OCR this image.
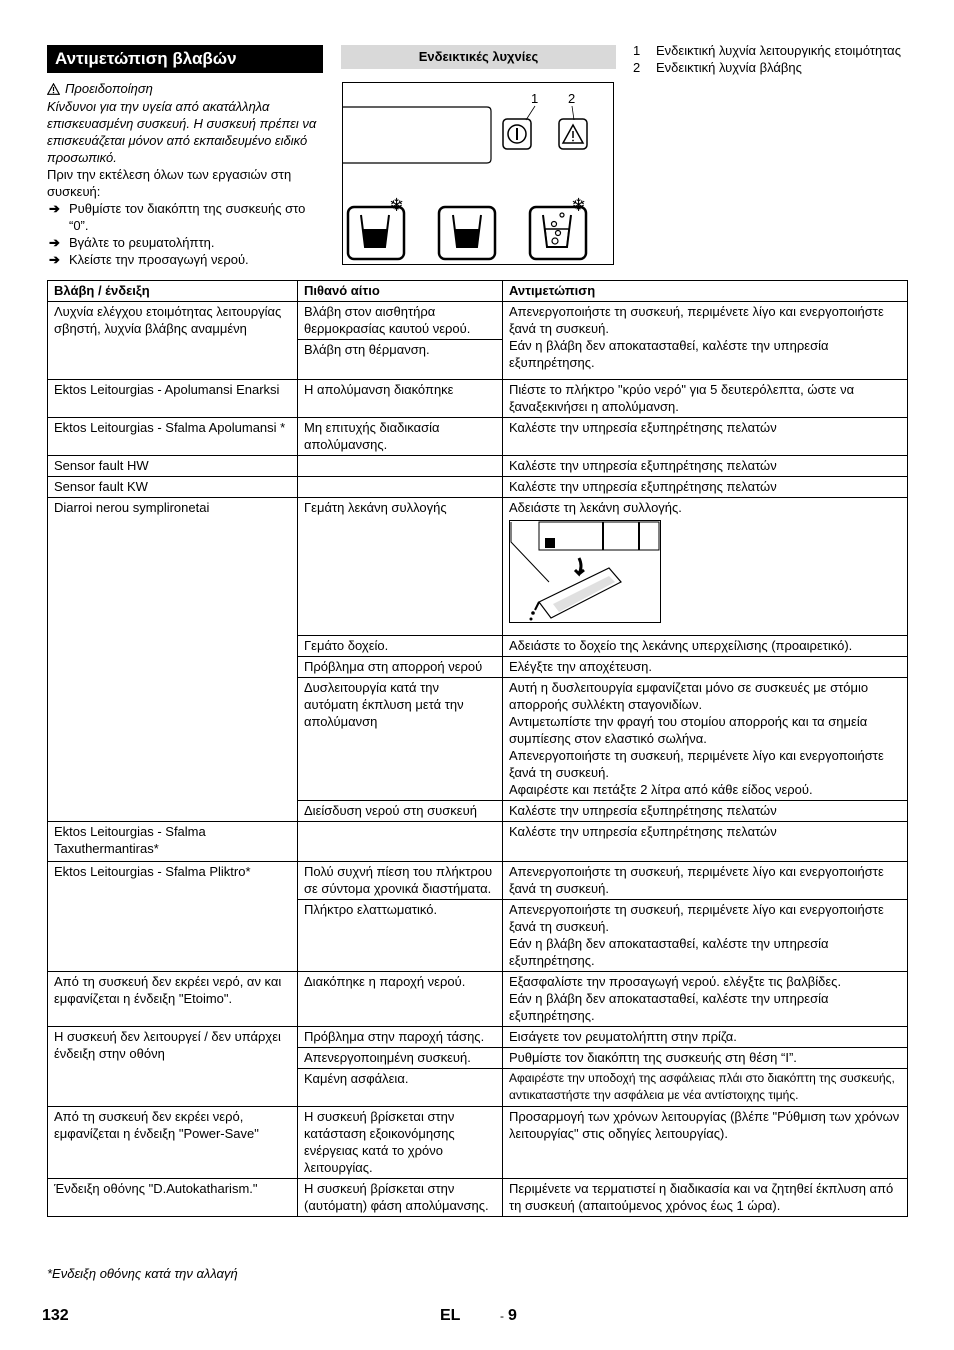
Αντιμετώπιση βλαβών	Ενδεικτικές λυχνίες
Προειδοποίηση
Κίνδυνοι για την υγεία από ακατάλληλα επισκευασμένη συσκευή. Η συσκευή πρέπει να επισκευάζεται μόνον από εκπαιδευμένο ειδικό προσωπικό.
Πριν την εκτέλεση όλων των εργασιών στη συσκευή:
➔ Ρυθμίστε τον διακόπτη της συσκευής στο “0”.
➔ Βγάλτε το ρευματολήπτη.
➔ Κλείστε την προσαγωγή νερού.
1	Ενδεικτική λυχνία λειτουργικής ετοιμότητας
2	Ενδεικτική λυχνία βλάβης
1 2
❄	❄
Βλάβη / ένδειξη	Πιθανό αίτιο	Αντιμετώπιση
Λυχνία ελέγχου ετοιμότητας λειτουργίας σβηστή, λυχνία βλάβης αναμμένη	Βλάβη στον αισθητήρα θερμοκρασίας καυτού νερού.	Απενεργοποιήστε τη συσκευή, περιμένετε λίγο και ενεργοποιήστε ξανά τη συσκευή.
Εάν η βλάβη δεν αποκατασταθεί, καλέστε την υπηρεσία εξυπηρέτησης.
	Βλάβη στη θέρμανση.	
Ektos Leitourgias - Apolumansi Enarksi	Η απολύμανση διακόπηκε	Πιέστε το πλήκτρο "κρύο νερό" για 5 δευτερόλεπτα, ώστε να ξαναξεκινήσει η απολύμανση.
Ektos Leitourgias - Sfalma Apolumansi *	Μη επιτυχής διαδικασία απολύμανσης.	Καλέστε την υπηρεσία εξυπηρέτησης πελατών
Sensor fault HW		Καλέστε την υπηρεσία εξυπηρέτησης πελατών
Sensor fault KW		Καλέστε την υπηρεσία εξυπηρέτησης πελατών
Diarroi nerou symplironetai	Γεμάτη λεκάνη συλλογής	Αδειάστε τη λεκάνη συλλογής.

	Γεμάτο δοχείο.	Αδειάστε το δοχείο της λεκάνης υπερχείλισης (προαιρετικό).
	Πρόβλημα στη απορροή νερού	Ελέγξτε την αποχέτευση.
	Δυσλειτουργία κατά την αυτόματη έκπλυση μετά την απολύμανση	Αυτή η δυσλειτουργία εμφανίζεται μόνο σε συσκευές με στόμιο απορροής συλλέκτη σταγονιδίων.
Αντιμετωπίστε την φραγή του στομίου απορροής και τα σημεία συμπίεσης στον ελαστικό σωλήνα.
Απενεργοποιήστε τη συσκευή, περιμένετε λίγο και ενεργοποιήστε ξανά τη συσκευή.
Αφαιρέστε και πετάξτε 2 λίτρα από κάθε είδος νερού.
	Διείσδυση νερού στη συσκευή	Καλέστε την υπηρεσία εξυπηρέτησης πελατών
Ektos Leitourgias - Sfalma Taxuthermantiras*		Καλέστε την υπηρεσία εξυπηρέτησης πελατών
Ektos Leitourgias - Sfalma Pliktro*	Πολύ συχνή πίεση του πλήκτρου σε σύντομα χρονικά διαστήματα.	Απενεργοποιήστε τη συσκευή, περιμένετε λίγο και ενεργοποιήστε ξανά τη συσκευή.
	Πλήκτρο ελαττωματικό.	Απενεργοποιήστε τη συσκευή, περιμένετε λίγο και ενεργοποιήστε ξανά τη συσκευή.
Εάν η βλάβη δεν αποκατασταθεί, καλέστε την υπηρεσία εξυπηρέτησης.
Από τη συσκευή δεν εκρέει νερό, αν και εμφανίζεται η ένδειξη "Etoimo".	Διακόπηκε η παροχή νερού.	Εξασφαλίστε την προσαγωγή νερού. ελέγξτε τις βαλβίδες.
Εάν η βλάβη δεν αποκατασταθεί, καλέστε την υπηρεσία εξυπηρέτησης.
Η συσκευή δεν λειτουργεί / δεν υπάρχει ένδειξη στην οθόνη	Πρόβλημα στην παροχή τάσης.	Εισάγετε τον ρευματολήπτη στην πρίζα.
	Απενεργοποιημένη συσκευή.	Ρυθμίστε τον διακόπτη της συσκευής στη θέση “I”.
	Καμένη ασφάλεια.	Αφαιρέστε την υποδοχή της ασφάλειας πλάι στο διακόπτη της συσκευής, αντικαταστήστε την ασφάλεια με νέα αντίστοιχης τιμής.
Από τη συσκευή δεν εκρέει νερό, εμφανίζεται η ένδειξη "Power-Save"	Η συσκευή βρίσκεται στην κατάσταση εξοικονόμησης ενέργειας κατά το χρόνο λειτουργίας.	Προσαρμογή των χρόνων λειτουργίας (βλέπε "Ρύθμιση των χρόνων λειτουργίας" στις οδηγίες λειτουργίας).
Ένδειξη οθόνης "D.Autokatharism."	Η συσκευή βρίσκεται στην (αυτόματη) φάση απολύμανσης.	Περιμένετε να τερματιστεί η διαδικασία και να ζητηθεί έκπλυση από τη συσκευή (απαιτούμενος χρόνος έως 1 ώρα).
*Ενδειξη οθόνης κατά την αλλαγή
132	EL	- 9
